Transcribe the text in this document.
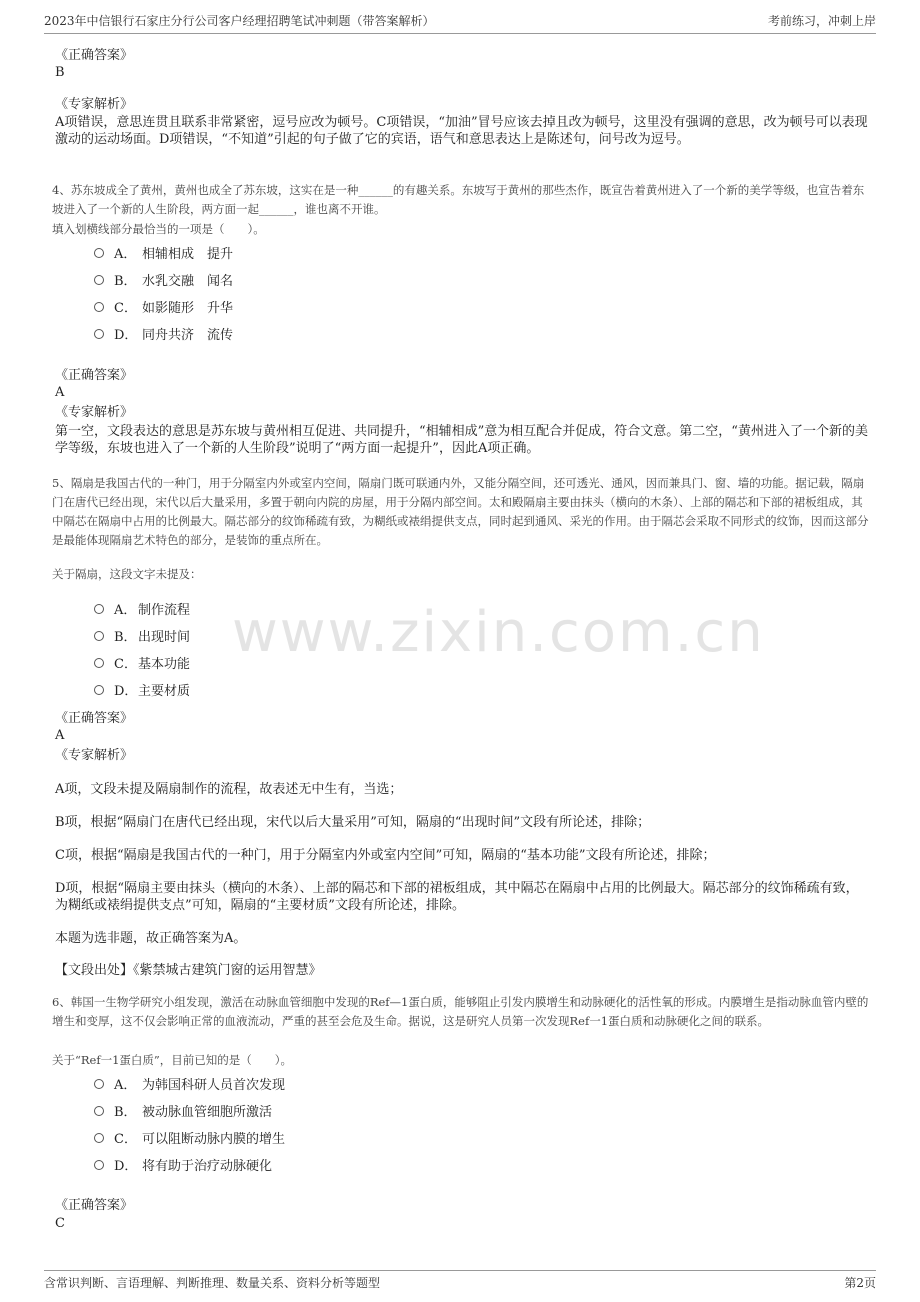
2023年中信银行石家庄分行公司客户经理招聘笔试冲刺题（带答案解析）	考前练习，冲刺上岸
www.zixin.com.cn
《正确答案》
B
《专家解析》
A项错误，意思连贯且联系非常紧密，逗号应改为顿号。C项错误，“加油”冒号应该去掉且改为顿号，这里没有强调的意思，改为顿号可以表现激动的运动场面。D项错误，“不知道”引起的句子做了它的宾语，语气和意思表达上是陈述句，问号改为逗号。
4、苏东坡成全了黄州，黄州也成全了苏东坡，这实在是一种______的有趣关系。东坡写于黄州的那些杰作，既宣告着黄州进入了一个新的美学等级，也宣告着东坡进入了一个新的人生阶段，两方面一起______，谁也离不开谁。
填入划横线部分最恰当的一项是（　　）。
A． 相辅相成　提升
B． 水乳交融　闻名
C． 如影随形　升华
D． 同舟共济　流传
《正确答案》
A
《专家解析》
第一空，文段表达的意思是苏东坡与黄州相互促进、共同提升，“相辅相成”意为相互配合并促成，符合文意。第二空，“黄州进入了一个新的美学等级，东坡也进入了一个新的人生阶段”说明了“两方面一起提升”，因此A项正确。
5、隔扇是我国古代的一种门，用于分隔室内外或室内空间，隔扇门既可联通内外，又能分隔空间，还可透光、通风，因而兼具门、窗、墙的功能。据记载，隔扇门在唐代已经出现，宋代以后大量采用，多置于朝向内院的房屋，用于分隔内部空间。太和殿隔扇主要由抹头（横向的木条）、上部的隔芯和下部的裙板组成，其中隔芯在隔扇中占用的比例最大。隔芯部分的纹饰稀疏有致，为糊纸或裱绢提供支点，同时起到通风、采光的作用。由于隔芯会采取不同形式的纹饰，因而这部分是最能体现隔扇艺术特色的部分，是装饰的重点所在。
关于隔扇，这段文字未提及：
A． 制作流程
B． 出现时间
C． 基本功能
D． 主要材质
《正确答案》
A
《专家解析》
A项，文段未提及隔扇制作的流程，故表述无中生有，当选；
B项，根据“隔扇门在唐代已经出现，宋代以后大量采用”可知，隔扇的“出现时间”文段有所论述，排除；
C项，根据“隔扇是我国古代的一种门，用于分隔室内外或室内空间”可知，隔扇的“基本功能”文段有所论述，排除；
D项，根据“隔扇主要由抹头（横向的木条）、上部的隔芯和下部的裙板组成，其中隔芯在隔扇中占用的比例最大。隔芯部分的纹饰稀疏有致，为糊纸或裱绢提供支点”可知，隔扇的“主要材质”文段有所论述，排除。
本题为选非题，故正确答案为A。
【文段出处】《紫禁城古建筑门窗的运用智慧》
6、韩国一生物学研究小组发现，激活在动脉血管细胞中发现的Ref—1蛋白质，能够阻止引发内膜增生和动脉硬化的活性氧的形成。内膜增生是指动脉血管内壁的增生和变厚，这不仅会影响正常的血液流动，严重的甚至会危及生命。据说，这是研究人员第一次发现Ref一1蛋白质和动脉硬化之间的联系。
关于“Ref一1蛋白质”，目前已知的是（　　）。
A． 为韩国科研人员首次发现
B． 被动脉血管细胞所激活
C． 可以阻断动脉内膜的增生
D． 将有助于治疗动脉硬化
《正确答案》
C
含常识判断、言语理解、判断推理、数量关系、资料分析等题型	第2页
